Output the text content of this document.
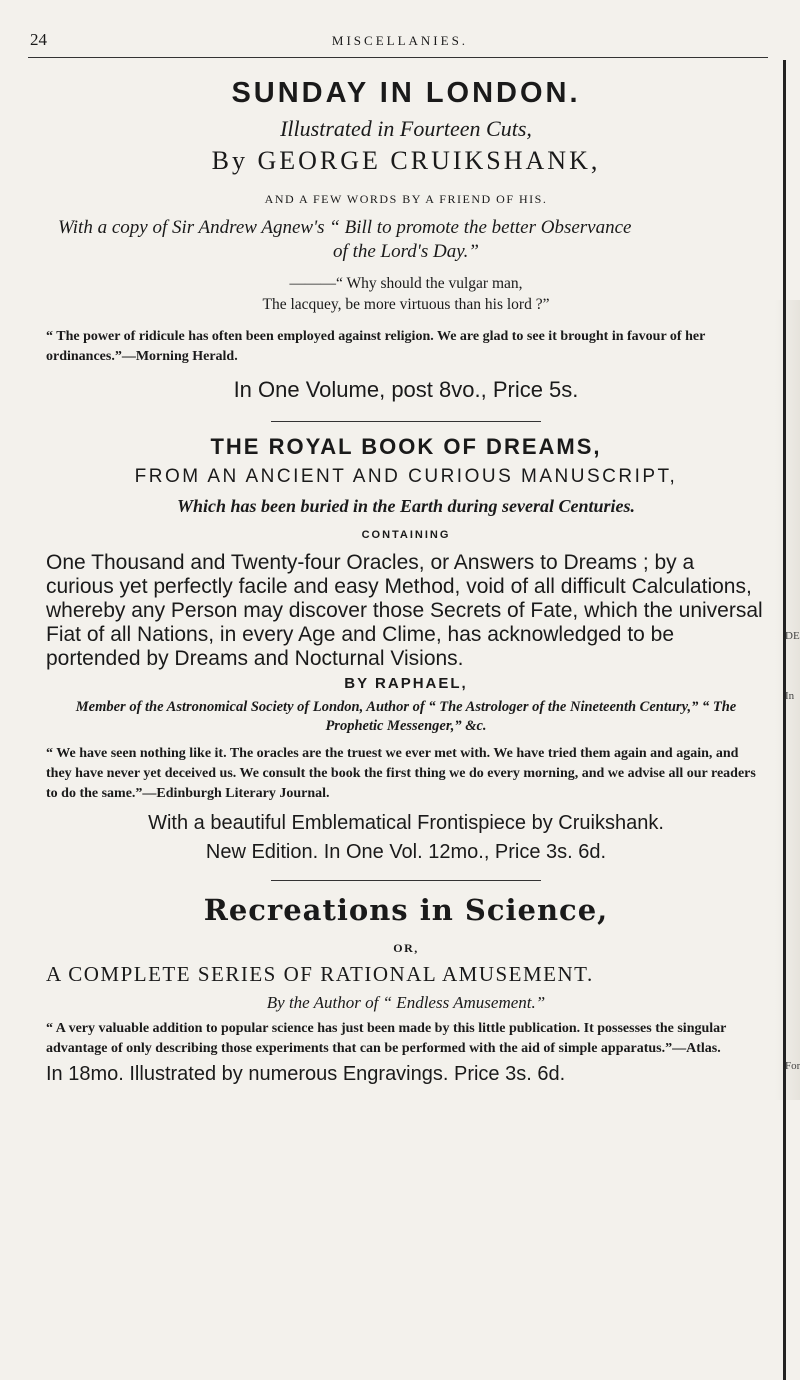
24	MISCELLANIES.
DE
In
For
SUNDAY IN LONDON.
Illustrated in Fourteen Cuts,
By GEORGE CRUIKSHANK,
AND A FEW WORDS BY A FRIEND OF HIS.
With a copy of Sir Andrew Agnew's “ Bill to promote the better Observance
of the Lord's Day.”
———“ Why should the vulgar man,
The lacquey, be more virtuous than his lord ?”
“ The power of ridicule has often been employed against religion. We are glad to see it brought in favour of her ordinances.”—Morning Herald.
In One Volume, post 8vo., Price 5s.
THE ROYAL BOOK OF DREAMS,
FROM AN ANCIENT AND CURIOUS MANUSCRIPT,
Which has been buried in the Earth during several Centuries.
CONTAINING
One Thousand and Twenty-four Oracles, or Answers to Dreams ; by a curious yet perfectly facile and easy Method, void of all difficult Calculations, whereby any Person may discover those Secrets of Fate, which the universal Fiat of all Nations, in every Age and Clime, has acknowledged to be portended by Dreams and Nocturnal Visions.
BY RAPHAEL,
Member of the Astronomical Society of London, Author of “ The Astrologer of the Nineteenth Century,” “ The Prophetic Messenger,” &c.
“ We have seen nothing like it. The oracles are the truest we ever met with. We have tried them again and again, and they have never yet deceived us. We consult the book the first thing we do every morning, and we advise all our readers to do the same.”—Edinburgh Literary Journal.
With a beautiful Emblematical Frontispiece by Cruikshank.
New Edition. In One Vol. 12mo., Price 3s. 6d.
Recreations in Science,
OR,
A COMPLETE SERIES OF RATIONAL AMUSEMENT.
By the Author of “ Endless Amusement.”
“ A very valuable addition to popular science has just been made by this little publication. It possesses the singular advantage of only describing those experiments that can be performed with the aid of simple apparatus.”—Atlas.
In 18mo. Illustrated by numerous Engravings. Price 3s. 6d.
